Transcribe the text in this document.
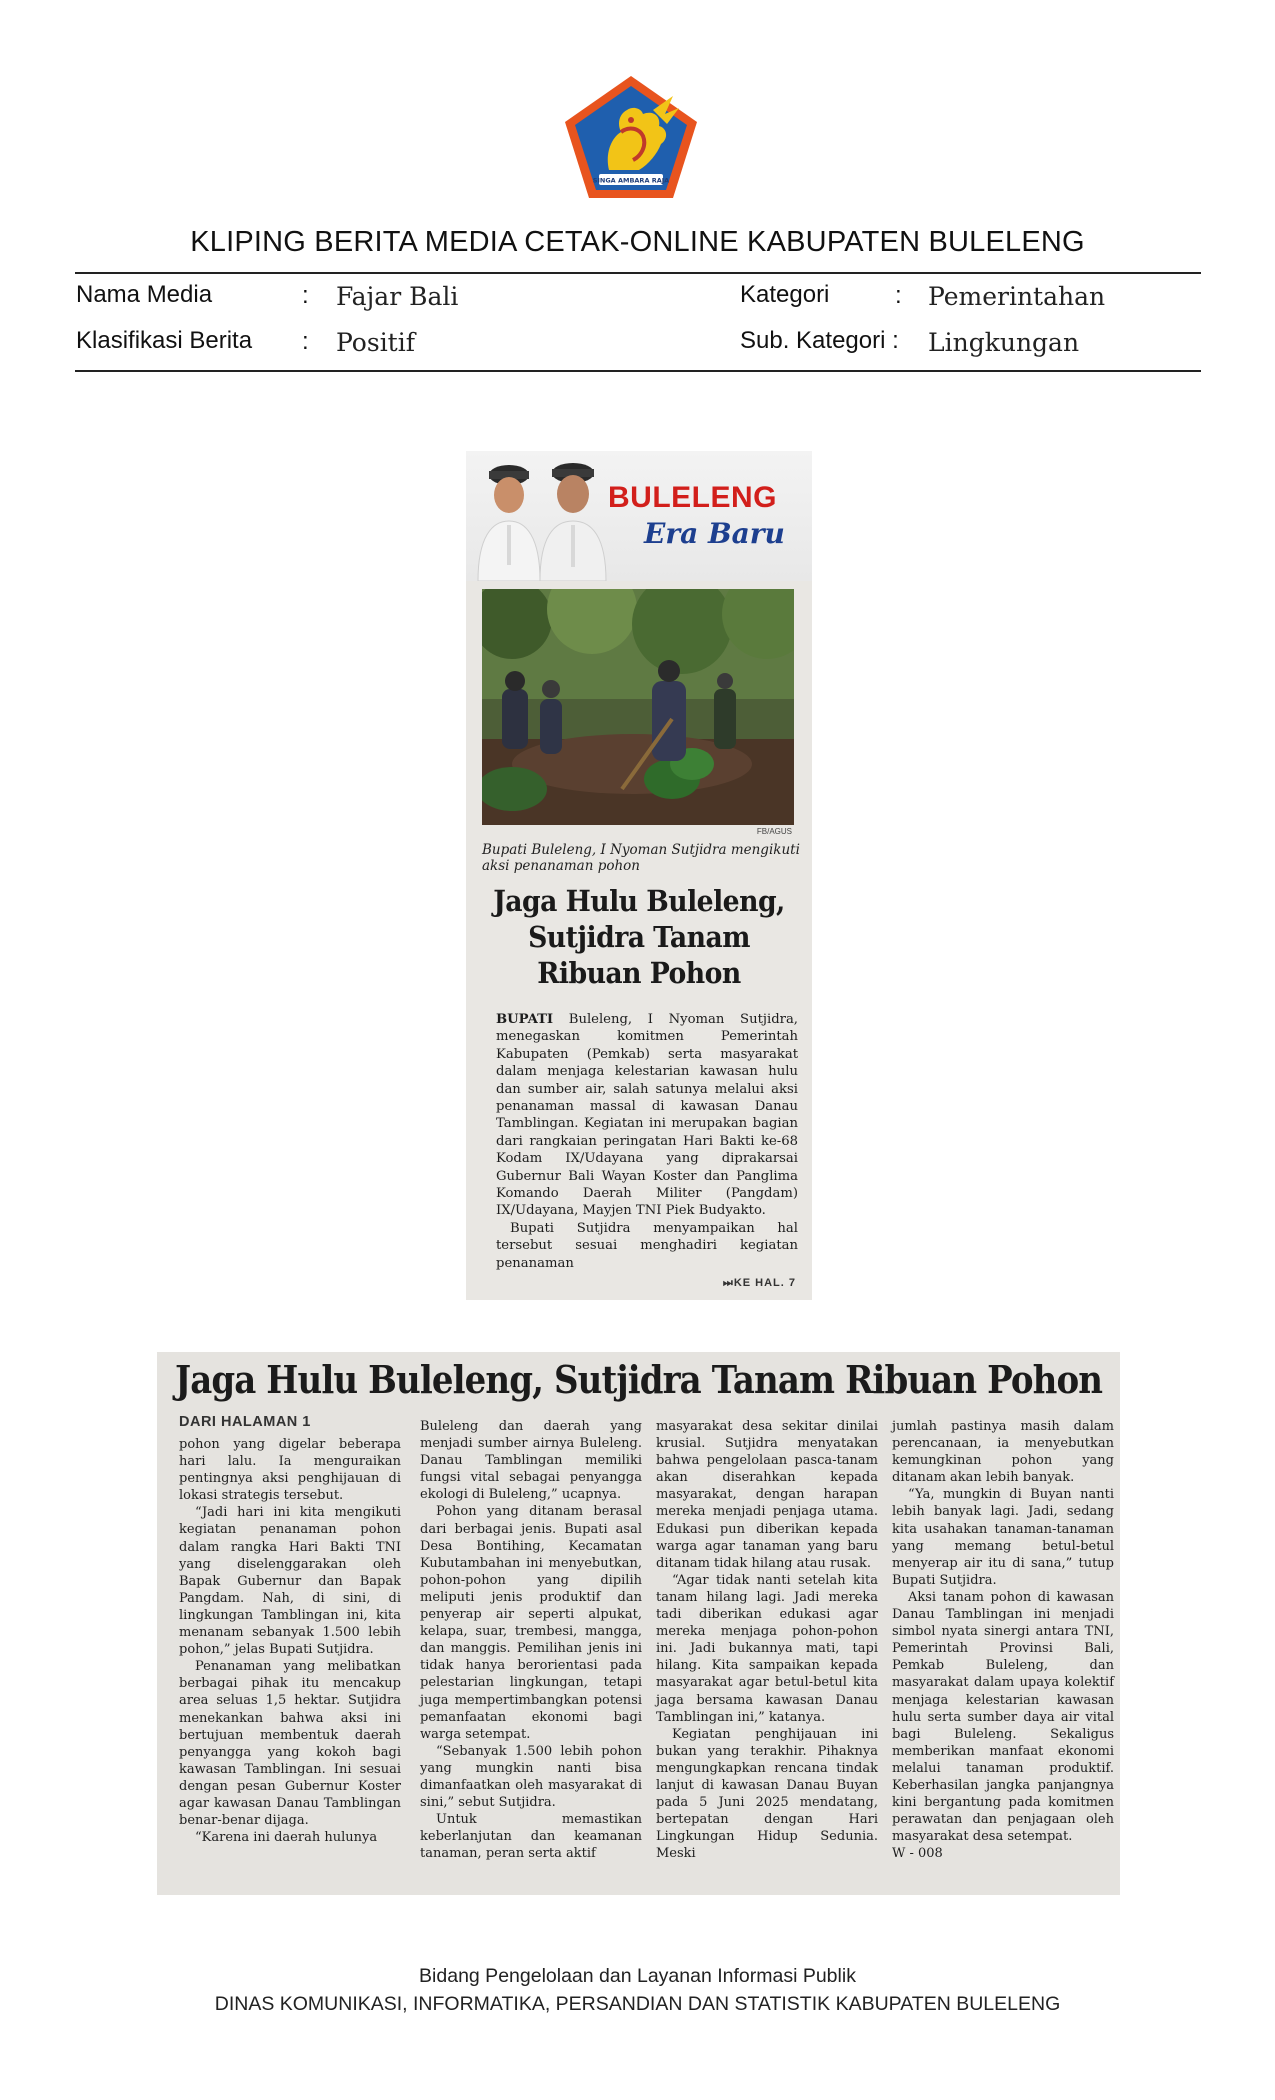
SINGA AMBARA RAJA
KLIPING BERITA MEDIA CETAK-ONLINE KABUPATEN BULELENG
Nama Media	: Fajar Bali
Klasifikasi Berita : Positif
Kategori	: Pemerintahan
Sub. Kategori : Lingkungan
BULELENG
Era Baru
FB/AGUS
Bupati Buleleng, I Nyoman Sutjidra mengikuti aksi penanaman pohon
Jaga Hulu Buleleng, Sutjidra Tanam Ribuan Pohon

BUPATI Buleleng, I Nyoman Sutjidra, menegaskan komitmen Pemerintah Kabupaten (Pemkab) serta masyarakat dalam menjaga kelestarian kawasan hulu dan sumber air, salah satunya melalui aksi penanaman massal di kawasan Danau Tamblingan. Kegiatan ini merupakan bagian dari rangkaian peringatan Hari Bakti ke-68 Kodam IX/Udayana yang diprakarsai Gubernur Bali Wayan Koster dan Panglima Komando Daerah Militer (Pangdam) IX/Udayana, Mayjen TNI Piek Budyakto.

Bupati Sutjidra menyampaikan hal tersebut sesuai menghadiri kegiatan penanaman

⏭KE HAL. 7
Jaga Hulu Buleleng, Sutjidra Tanam Ribuan Pohon
DARI HALAMAN 1

pohon yang digelar beberapa hari lalu. Ia menguraikan pentingnya aksi penghijauan di lokasi strategis tersebut.

“Jadi hari ini kita mengikuti kegiatan penanaman pohon dalam rangka Hari Bakti TNI yang diselenggarakan oleh Bapak Gubernur dan Bapak Pangdam. Nah, di sini, di lingkungan Tamblingan ini, kita menanam sebanyak 1.500 lebih pohon,” jelas Bupati Sutjidra.

Penanaman yang melibatkan berbagai pihak itu mencakup area seluas 1,5 hektar. Sutjidra menekankan bahwa aksi ini bertujuan membentuk daerah penyangga yang kokoh bagi kawasan Tamblingan. Ini sesuai dengan pesan Gubernur Koster agar kawasan Danau Tamblingan benar-benar dijaga.

“Karena ini daerah hulunya

Buleleng dan daerah yang menjadi sumber airnya Buleleng. Danau Tamblingan memiliki fungsi vital sebagai penyangga ekologi di Buleleng,” ucapnya.

Pohon yang ditanam berasal dari berbagai jenis. Bupati asal Desa Bontihing, Kecamatan Kubutambahan ini menyebutkan, pohon-pohon yang dipilih meliputi jenis produktif dan penyerap air seperti alpukat, kelapa, suar, trembesi, mangga, dan manggis. Pemilihan jenis ini tidak hanya berorientasi pada pelestarian lingkungan, tetapi juga mempertimbangkan potensi pemanfaatan ekonomi bagi warga setempat.

“Sebanyak 1.500 lebih pohon yang mungkin nanti bisa dimanfaatkan oleh masyarakat di sini,” sebut Sutjidra.

Untuk memastikan keberlanjutan dan keamanan tanaman, peran serta aktif

masyarakat desa sekitar dinilai krusial. Sutjidra menyatakan bahwa pengelolaan pasca-tanam akan diserahkan kepada masyarakat, dengan harapan mereka menjadi penjaga utama. Edukasi pun diberikan kepada warga agar tanaman yang baru ditanam tidak hilang atau rusak.

“Agar tidak nanti setelah kita tanam hilang lagi. Jadi mereka tadi diberikan edukasi agar mereka menjaga pohon-pohon ini. Jadi bukannya mati, tapi hilang. Kita sampaikan kepada masyarakat agar betul-betul kita jaga bersama kawasan Danau Tamblingan ini,” katanya.

Kegiatan penghijauan ini bukan yang terakhir. Pihaknya mengungkapkan rencana tindak lanjut di kawasan Danau Buyan pada 5 Juni 2025 mendatang, bertepatan dengan Hari Lingkungan Hidup Sedunia. Meski

jumlah pastinya masih dalam perencanaan, ia menyebutkan kemungkinan pohon yang ditanam akan lebih banyak.

“Ya, mungkin di Buyan nanti lebih banyak lagi. Jadi, sedang kita usahakan tanaman-tanaman yang memang betul-betul menyerap air itu di sana,” tutup Bupati Sutjidra.

Aksi tanam pohon di kawasan Danau Tamblingan ini menjadi simbol nyata sinergi antara TNI, Pemerintah Provinsi Bali, Pemkab Buleleng, dan masyarakat dalam upaya kolektif menjaga kelestarian kawasan hulu serta sumber daya air vital bagi Buleleng. Sekaligus memberikan manfaat ekonomi melalui tanaman produktif. Keberhasilan jangka panjangnya kini bergantung pada komitmen perawatan dan penjagaan oleh masyarakat desa setempat.

W - 008

Bidang Pengelolaan dan Layanan Informasi Publik
DINAS KOMUNIKASI, INFORMATIKA, PERSANDIAN DAN STATISTIK KABUPATEN BULELENG
